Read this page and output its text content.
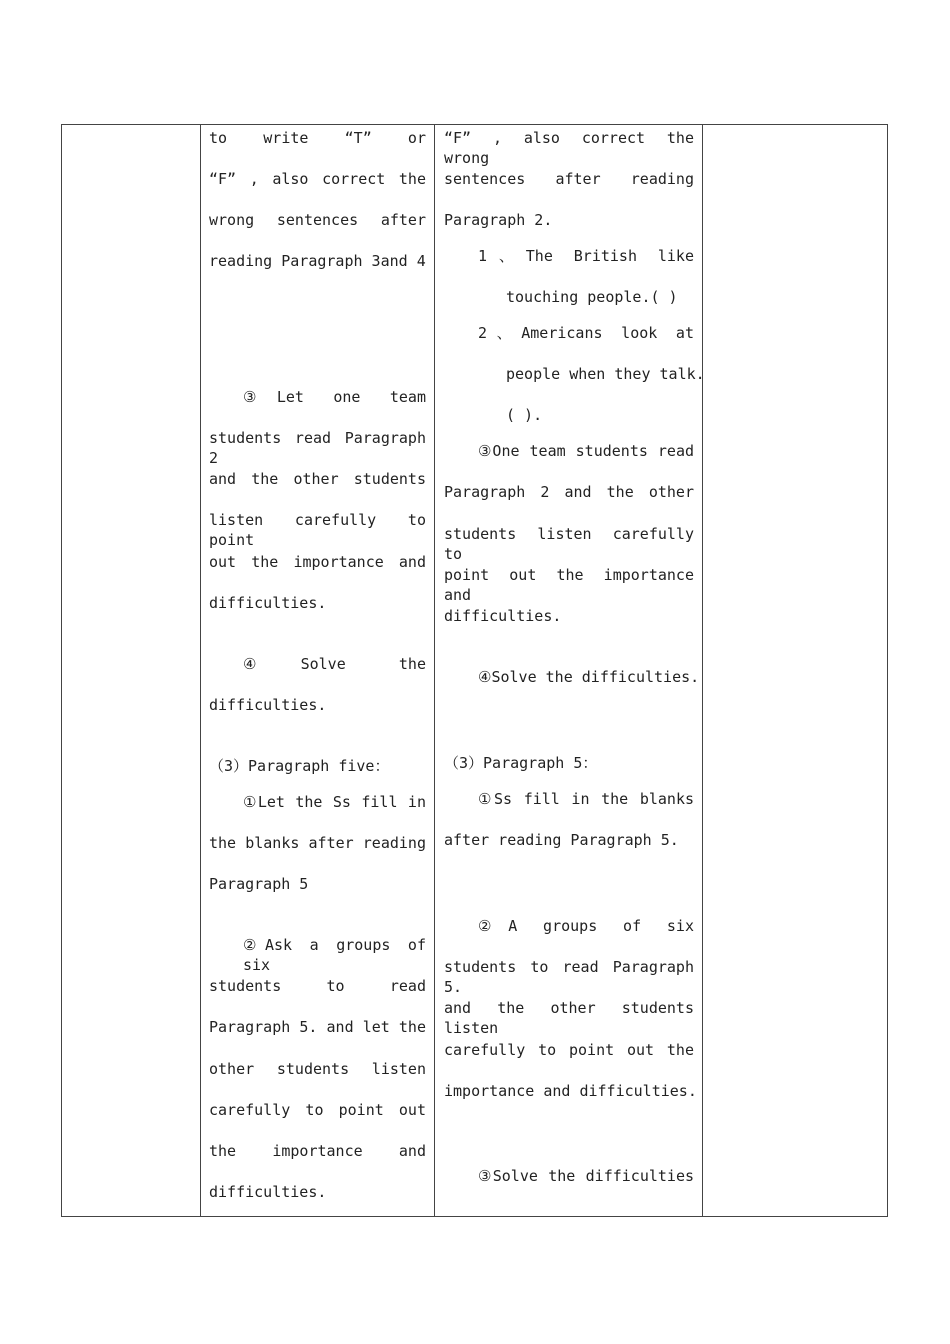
to write “T” or
“F” , also correct the
wrong sentences after
reading Paragraph 3and 4
③Let one team
students read Paragraph 2
and the other students
listen carefully to point
out the importance and
difficulties.
④Solve the
difficulties.
（3）Paragraph five：
①Let the Ss fill in
the blanks after reading
Paragraph 5
②Ask a groups of six
students to read
Paragraph 5. and let the
other students listen
carefully to point out
the importance and
difficulties.
“F” , also correct the wrong
sentences after reading
Paragraph 2.
1、The British like
touching people.( )
2、Americans look at
people when they talk.
( ).
③One team students read
Paragraph 2 and the other
students listen carefully to
point out the importance and
difficulties.
④Solve the difficulties.
（3）Paragraph 5：
①Ss fill in the blanks
after reading Paragraph 5.
②A groups of six
students to read Paragraph 5.
and the other students listen
carefully to point out the
importance and difficulties.
③Solve the difficulties
